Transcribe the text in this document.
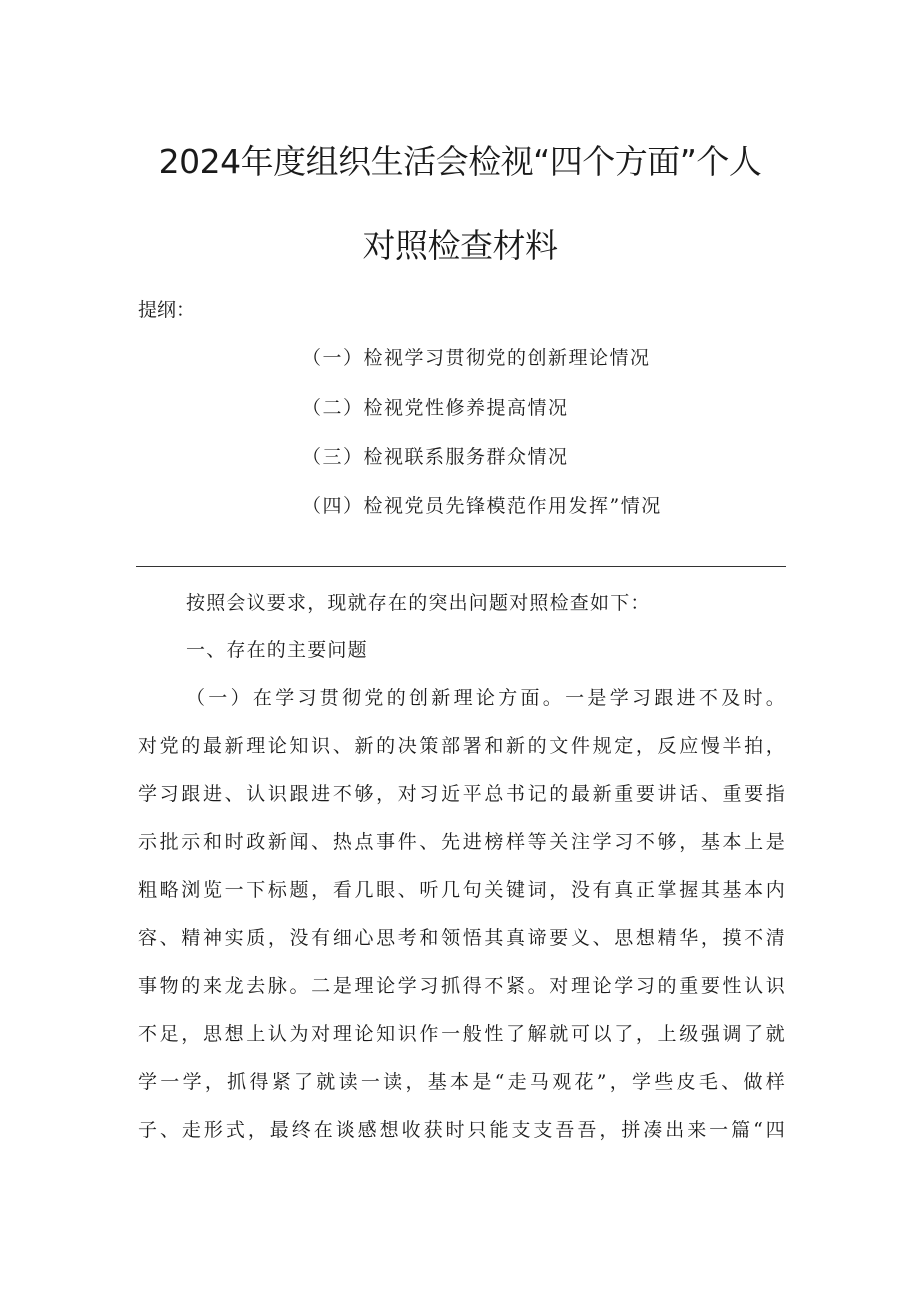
2024年度组织生活会检视“四个方面”个人
对照检查材料
提纲：
（一）检视学习贯彻党的创新理论情况
（二）检视党性修养提高情况
（三）检视联系服务群众情况
（四）检视党员先锋模范作用发挥”情况
按照会议要求，现就存在的突出问题对照检查如下：
一、存在的主要问题
（一）在学习贯彻党的创新理论方面。一是学习跟进不及时。
对党的最新理论知识、新的决策部署和新的文件规定，反应慢半拍，
学习跟进、认识跟进不够，对习近平总书记的最新重要讲话、重要指
示批示和时政新闻、热点事件、先进榜样等关注学习不够，基本上是
粗略浏览一下标题，看几眼、听几句关键词，没有真正掌握其基本内
容、精神实质，没有细心思考和领悟其真谛要义、思想精华，摸不清
事物的来龙去脉。二是理论学习抓得不紧。对理论学习的重要性认识
不足，思想上认为对理论知识作一般性了解就可以了，上级强调了就
学一学，抓得紧了就读一读，基本是“走马观花”，学些皮毛、做样
子、走形式，最终在谈感想收获时只能支支吾吾，拼凑出来一篇“四
